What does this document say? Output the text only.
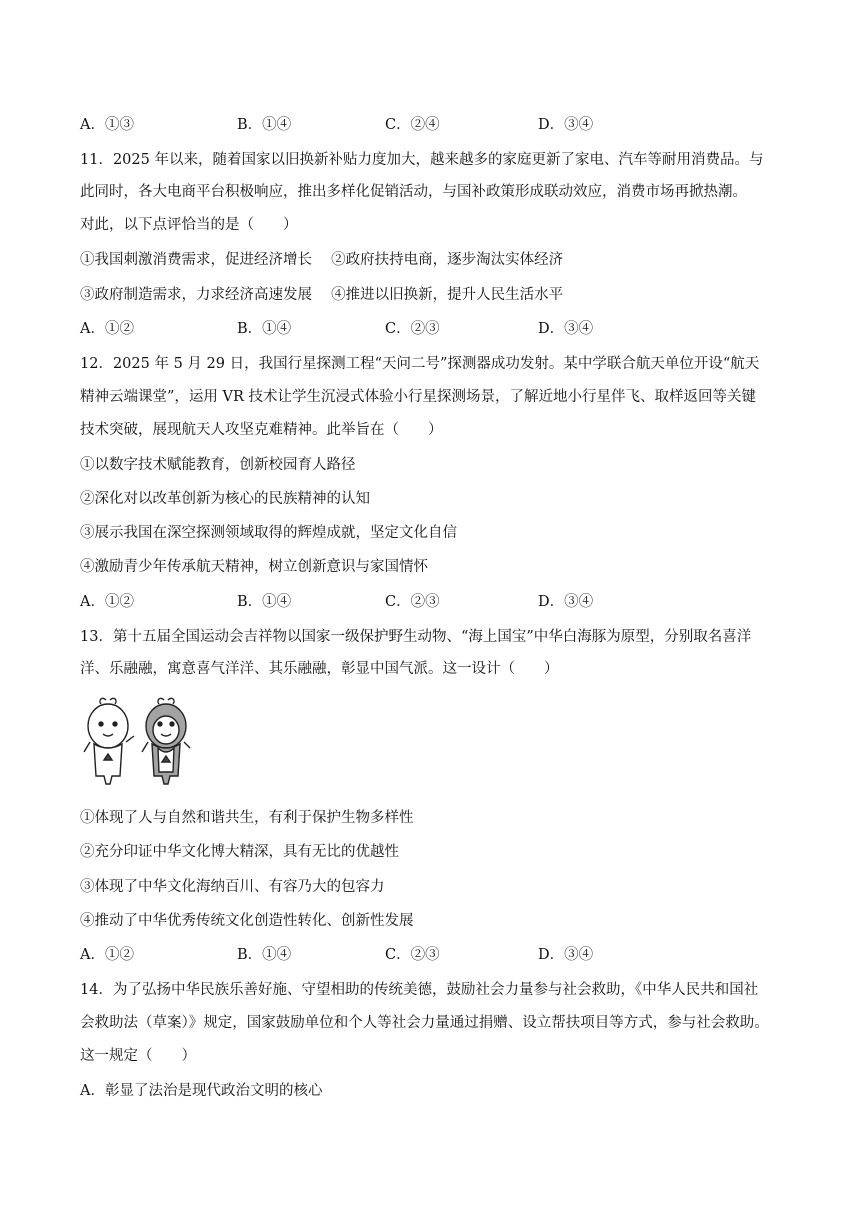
A．①③	B．①④	C．②④	D．③④
11．2025 年以来，随着国家以旧换新补贴力度加大，越来越多的家庭更新了家电、汽车等耐用消费品。与
此同时，各大电商平台积极响应，推出多样化促销活动，与国补政策形成联动效应，消费市场再掀热潮。
对此，以下点评恰当的是（　　）
①我国刺激消费需求，促进经济增长　 ②政府扶持电商，逐步淘汰实体经济
③政府制造需求，力求经济高速发展　 ④推进以旧换新，提升人民生活水平
A．①②	B．①④	C．②③	D．③④
12．2025 年 5 月 29 日，我国行星探测工程“天问二号”探测器成功发射。某中学联合航天单位开设“航天
精神云端课堂”，运用 VR 技术让学生沉浸式体验小行星探测场景，了解近地小行星伴飞、取样返回等关键
技术突破，展现航天人攻坚克难精神。此举旨在（　　）
①以数字技术赋能教育，创新校园育人路径
②深化对以改革创新为核心的民族精神的认知
③展示我国在深空探测领域取得的辉煌成就，坚定文化自信
④激励青少年传承航天精神，树立创新意识与家国情怀
A．①②	B．①④	C．②③	D．③④
13．第十五届全国运动会吉祥物以国家一级保护野生动物、“海上国宝”中华白海豚为原型，分别取名喜洋
洋、乐融融，寓意喜气洋洋、其乐融融，彰显中国气派。这一设计（　　）
①体现了人与自然和谐共生，有利于保护生物多样性
②充分印证中华文化博大精深，具有无比的优越性
③体现了中华文化海纳百川、有容乃大的包容力
④推动了中华优秀传统文化创造性转化、创新性发展
A．①②	B．①④	C．②③	D．③④
14．为了弘扬中华民族乐善好施、守望相助的传统美德，鼓励社会力量参与社会救助，《中华人民共和国社
会救助法（草案）》规定，国家鼓励单位和个人等社会力量通过捐赠、设立帮扶项目等方式，参与社会救助。
这一规定（　　）
A．彰显了法治是现代政治文明的核心
